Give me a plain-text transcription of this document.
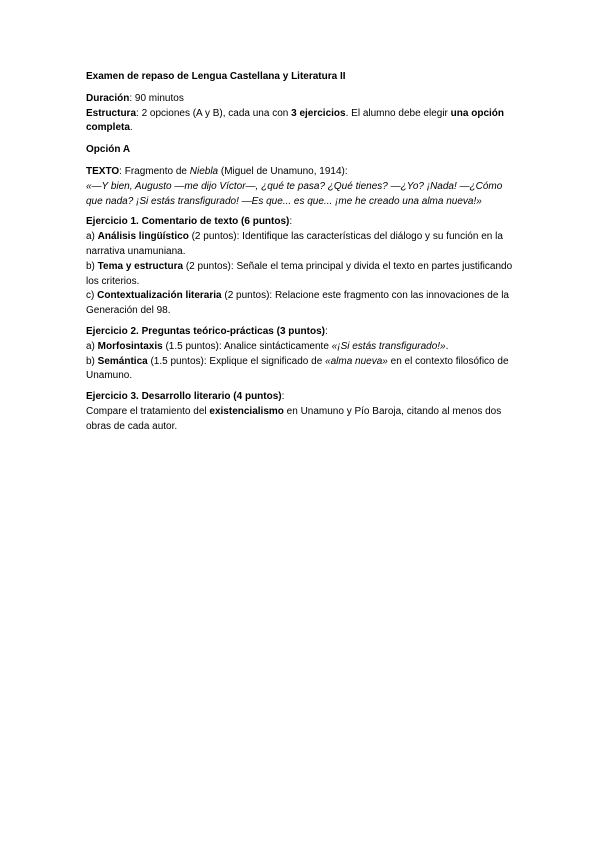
Examen de repaso de Lengua Castellana y Literatura II

Duración: 90 minutos

Estructura: 2 opciones (A y B), cada una con 3 ejercicios. El alumno debe elegir una opción completa.

Opción A

TEXTO: Fragmento de Niebla (Miguel de Unamuno, 1914):

«—Y bien, Augusto —me dijo Víctor—, ¿qué te pasa? ¿Qué tienes? —¿Yo? ¡Nada! —¿Cómo que nada? ¡Si estás transfigurado! —Es que... es que... ¡me he creado una alma nueva!»

Ejercicio 1. Comentario de texto (6 puntos):

a) Análisis lingüístico (2 puntos): Identifique las características del diálogo y su función en la narrativa unamuniana.

b) Tema y estructura (2 puntos): Señale el tema principal y divida el texto en partes justificando los criterios.

c) Contextualización literaria (2 puntos): Relacione este fragmento con las innovaciones de la Generación del 98.

Ejercicio 2. Preguntas teórico-prácticas (3 puntos):

a) Morfosintaxis (1.5 puntos): Analice sintácticamente «¡Si estás transfigurado!».

b) Semántica (1.5 puntos): Explique el significado de «alma nueva» en el contexto filosófico de Unamuno.

Ejercicio 3. Desarrollo literario (4 puntos):

Compare el tratamiento del existencialismo en Unamuno y Pío Baroja, citando al menos dos obras de cada autor.
